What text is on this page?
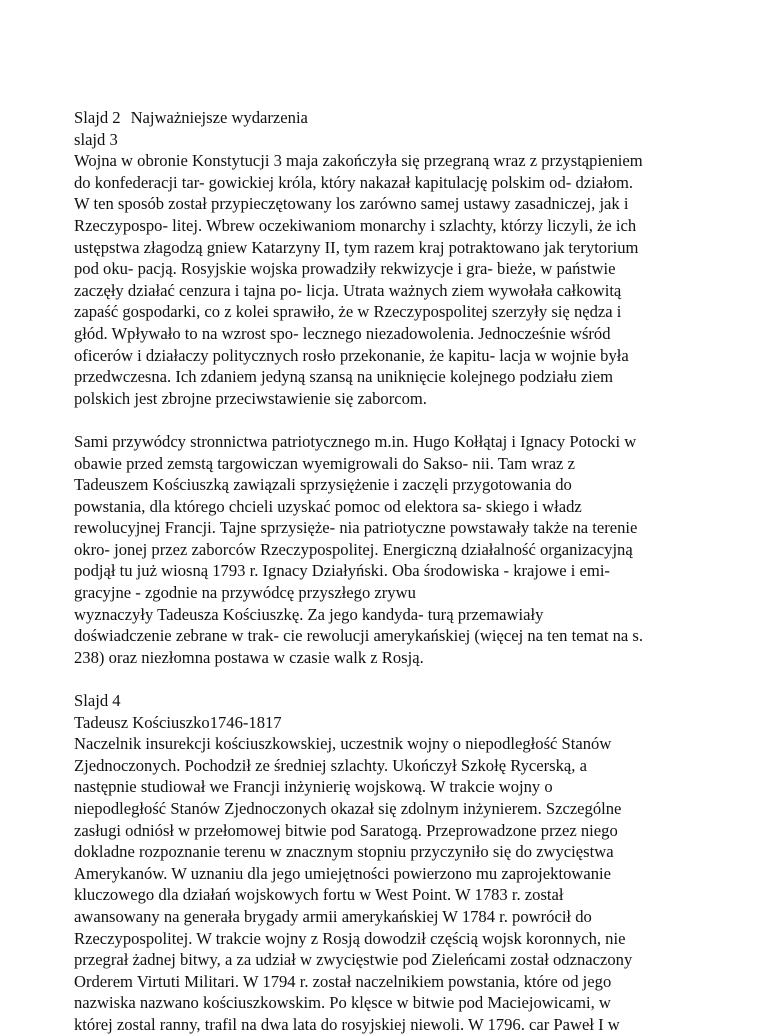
Slajd 2 Najważniejsze wydarzenia
slajd 3
Wojna w obronie Konstytucji 3 maja zakończyła się przegraną wraz z przystąpieniem
do konfederacji tar- gowickiej króla, który nakazał kapitulację polskim od- działom.
W ten sposób został przypieczętowany los zarówno samej ustawy zasadniczej, jak i
Rzeczypospo- litej. Wbrew oczekiwaniom monarchy i szlachty, którzy liczyli, że ich
ustępstwa złagodzą gniew Katarzyny II, tym razem kraj potraktowano jak terytorium
pod oku- pacją. Rosyjskie wojska prowadziły rekwizycje i gra- bieże, w państwie
zaczęły działać cenzura i tajna po- licja. Utrata ważnych ziem wywołała całkowitą
zapaść gospodarki, co z kolei sprawiło, że w Rzeczypospolitej szerzyły się nędza i
głód. Wpływało to na wzrost spo- lecznego niezadowolenia. Jednocześnie wśród
oficerów i działaczy politycznych rosło przekonanie, że kapitu- lacja w wojnie była
przedwczesna. Ich zdaniem jedyną szansą na uniknięcie kolejnego podziału ziem
polskich jest zbrojne przeciwstawienie się zaborcom.
Sami przywódcy stronnictwa patriotycznego m.in. Hugo Kołłątaj i Ignacy Potocki w
obawie przed zemstą targowiczan wyemigrowali do Sakso- nii. Tam wraz z
Tadeuszem Kościuszką zawiązali sprzysiężenie i zaczęli przygotowania do
powstania, dla którego chcieli uzyskać pomoc od elektora sa- skiego i władz
rewolucyjnej Francji. Tajne sprzysięże- nia patriotyczne powstawały także na terenie
okro- jonej przez zaborców Rzeczypospolitej. Energiczną działalność organizacyjną
podjął tu już wiosną 1793 r. Ignacy Działyński. Oba środowiska - krajowe i emi-
gracyjne - zgodnie na przywódcę przyszłego zrywu
wyznaczyły Tadeusza Kościuszkę. Za jego kandyda- turą przemawiały
doświadczenie zebrane w trak- cie rewolucji amerykańskiej (więcej na ten temat na s.
238) oraz niezłomna postawa w czasie walk z Rosją.
Slajd 4
Tadeusz Kościuszko1746-1817
Naczelnik insurekcji kościuszkowskiej, uczestnik wojny o niepodległość Stanów
Zjednoczonych. Pochodził ze średniej szlachty. Ukończył Szkołę Rycerską, a
następnie studiował we Francji inżynierię wojskową. W trakcie wojny o
niepodległość Stanów Zjednoczonych okazał się zdolnym inżynierem. Szczególne
zasługi odniósł w przełomowej bitwie pod Saratogą. Przeprowadzone przez niego
dokladne rozpoznanie terenu w znacznym stopniu przyczyniło się do zwycięstwa
Amerykanów. W uznaniu dla jego umiejętności powierzono mu zaprojektowanie
kluczowego dla działań wojskowych fortu w West Point. W 1783 r. został
awansowany na generała brygady armii amerykańskiej W 1784 r. powrócił do
Rzeczypospolitej. W trakcie wojny z Rosją dowodził częścią wojsk koronnych, nie
przegrał żadnej bitwy, a za udział w zwycięstwie pod Zieleńcami został odznaczony
Orderem Virtuti Militari. W 1794 r. został naczelnikiem powstania, które od jego
nazwiska nazwano kościuszkowskim. Po klęsce w bitwie pod Maciejowicami, w
której zostal ranny, trafil na dwa lata do rosyjskiej niewoli. W 1796. car Paweł I w
